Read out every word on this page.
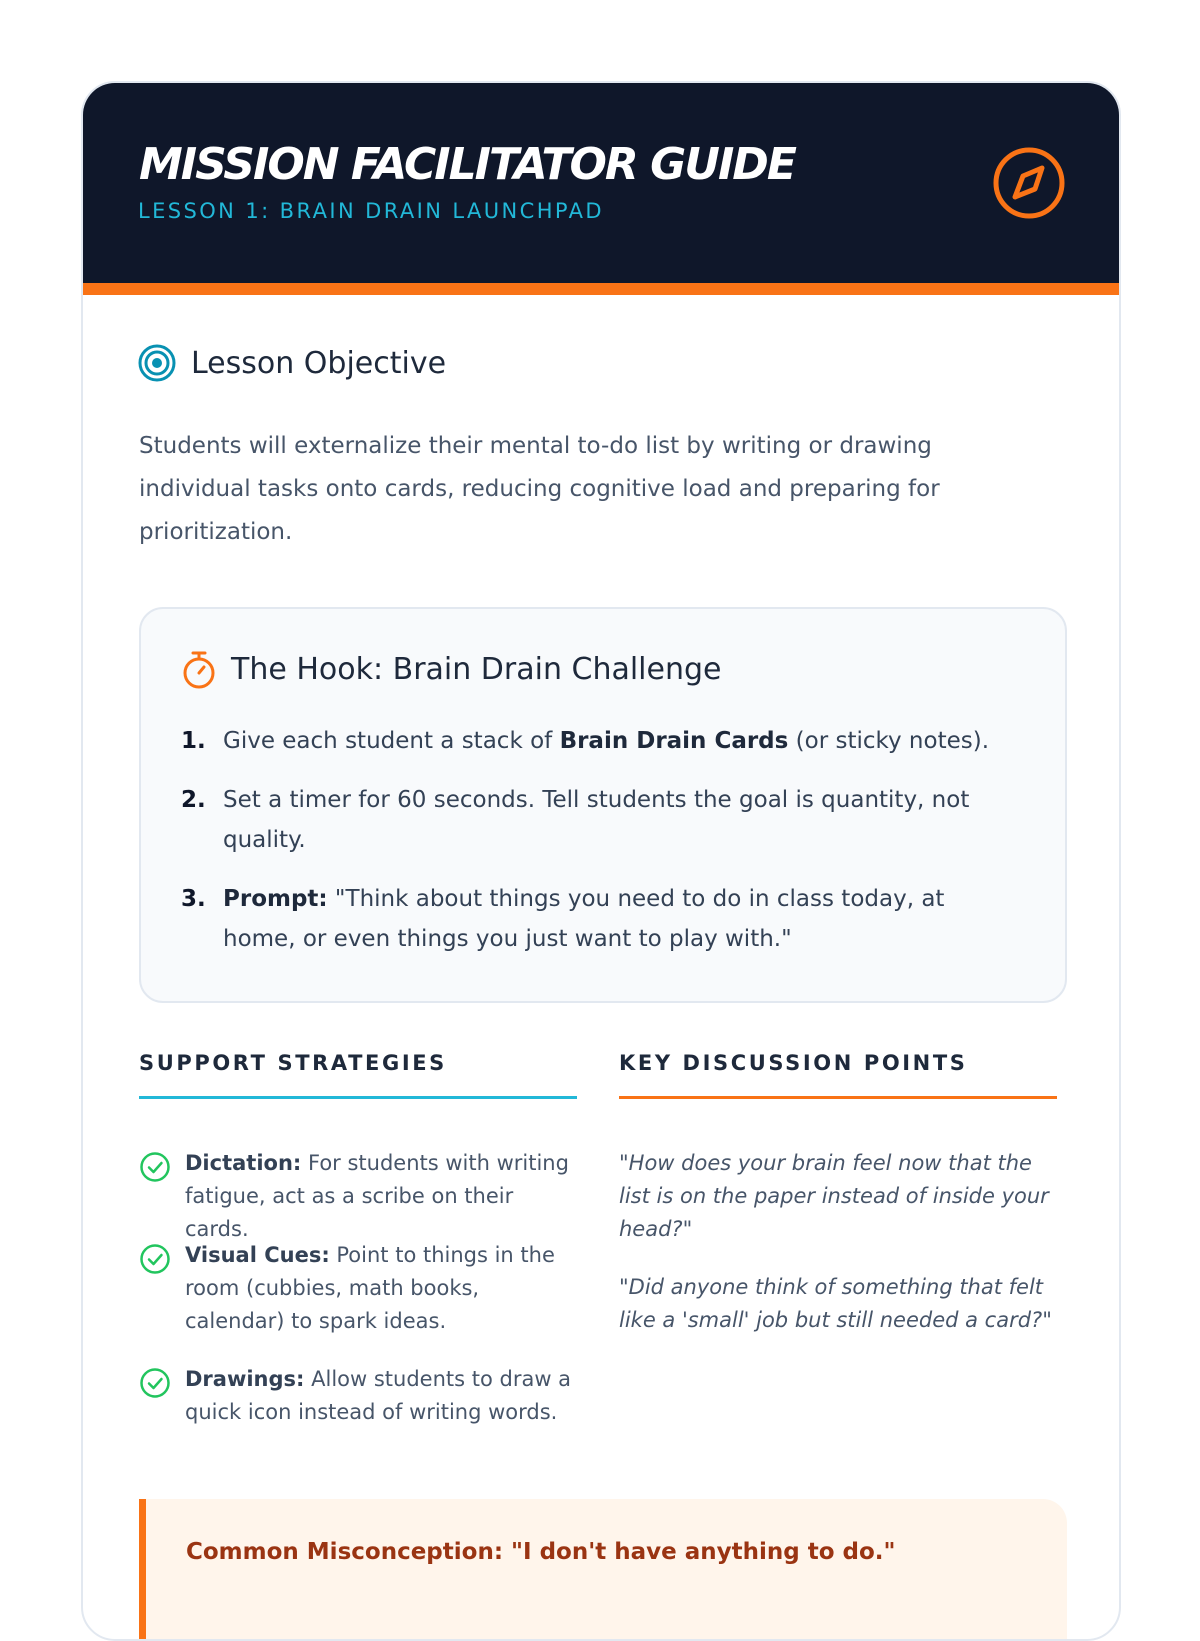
MISSION FACILITATOR GUIDE
LESSON 1: BRAIN DRAIN LAUNCHPAD
Lesson Objective

Students will externalize their mental to-do list by writing or drawing individual tasks onto cards, reducing cognitive load and preparing for prioritization.

The Hook: Brain Drain Challenge
1. Give each student a stack of Brain Drain Cards (or sticky notes).
2. Set a timer for 60 seconds. Tell students the goal is quantity, not quality.
3. Prompt: "Think about things you need to do in class today, at home, or even things you just want to play with."
SUPPORT STRATEGIES	KEY DISCUSSION POINTS
Dictation: For students with writing fatigue, act as a scribe on their cards.
Visual Cues: Point to things in the room (cubbies, math books, calendar) to spark ideas.
Drawings: Allow students to draw a quick icon instead of writing words.

"How does your brain feel now that the list is on the paper instead of inside your head?"

"Did anyone think of something that felt like a 'small' job but still needed a card?"

Common Misconception: "I don't have anything to do."
